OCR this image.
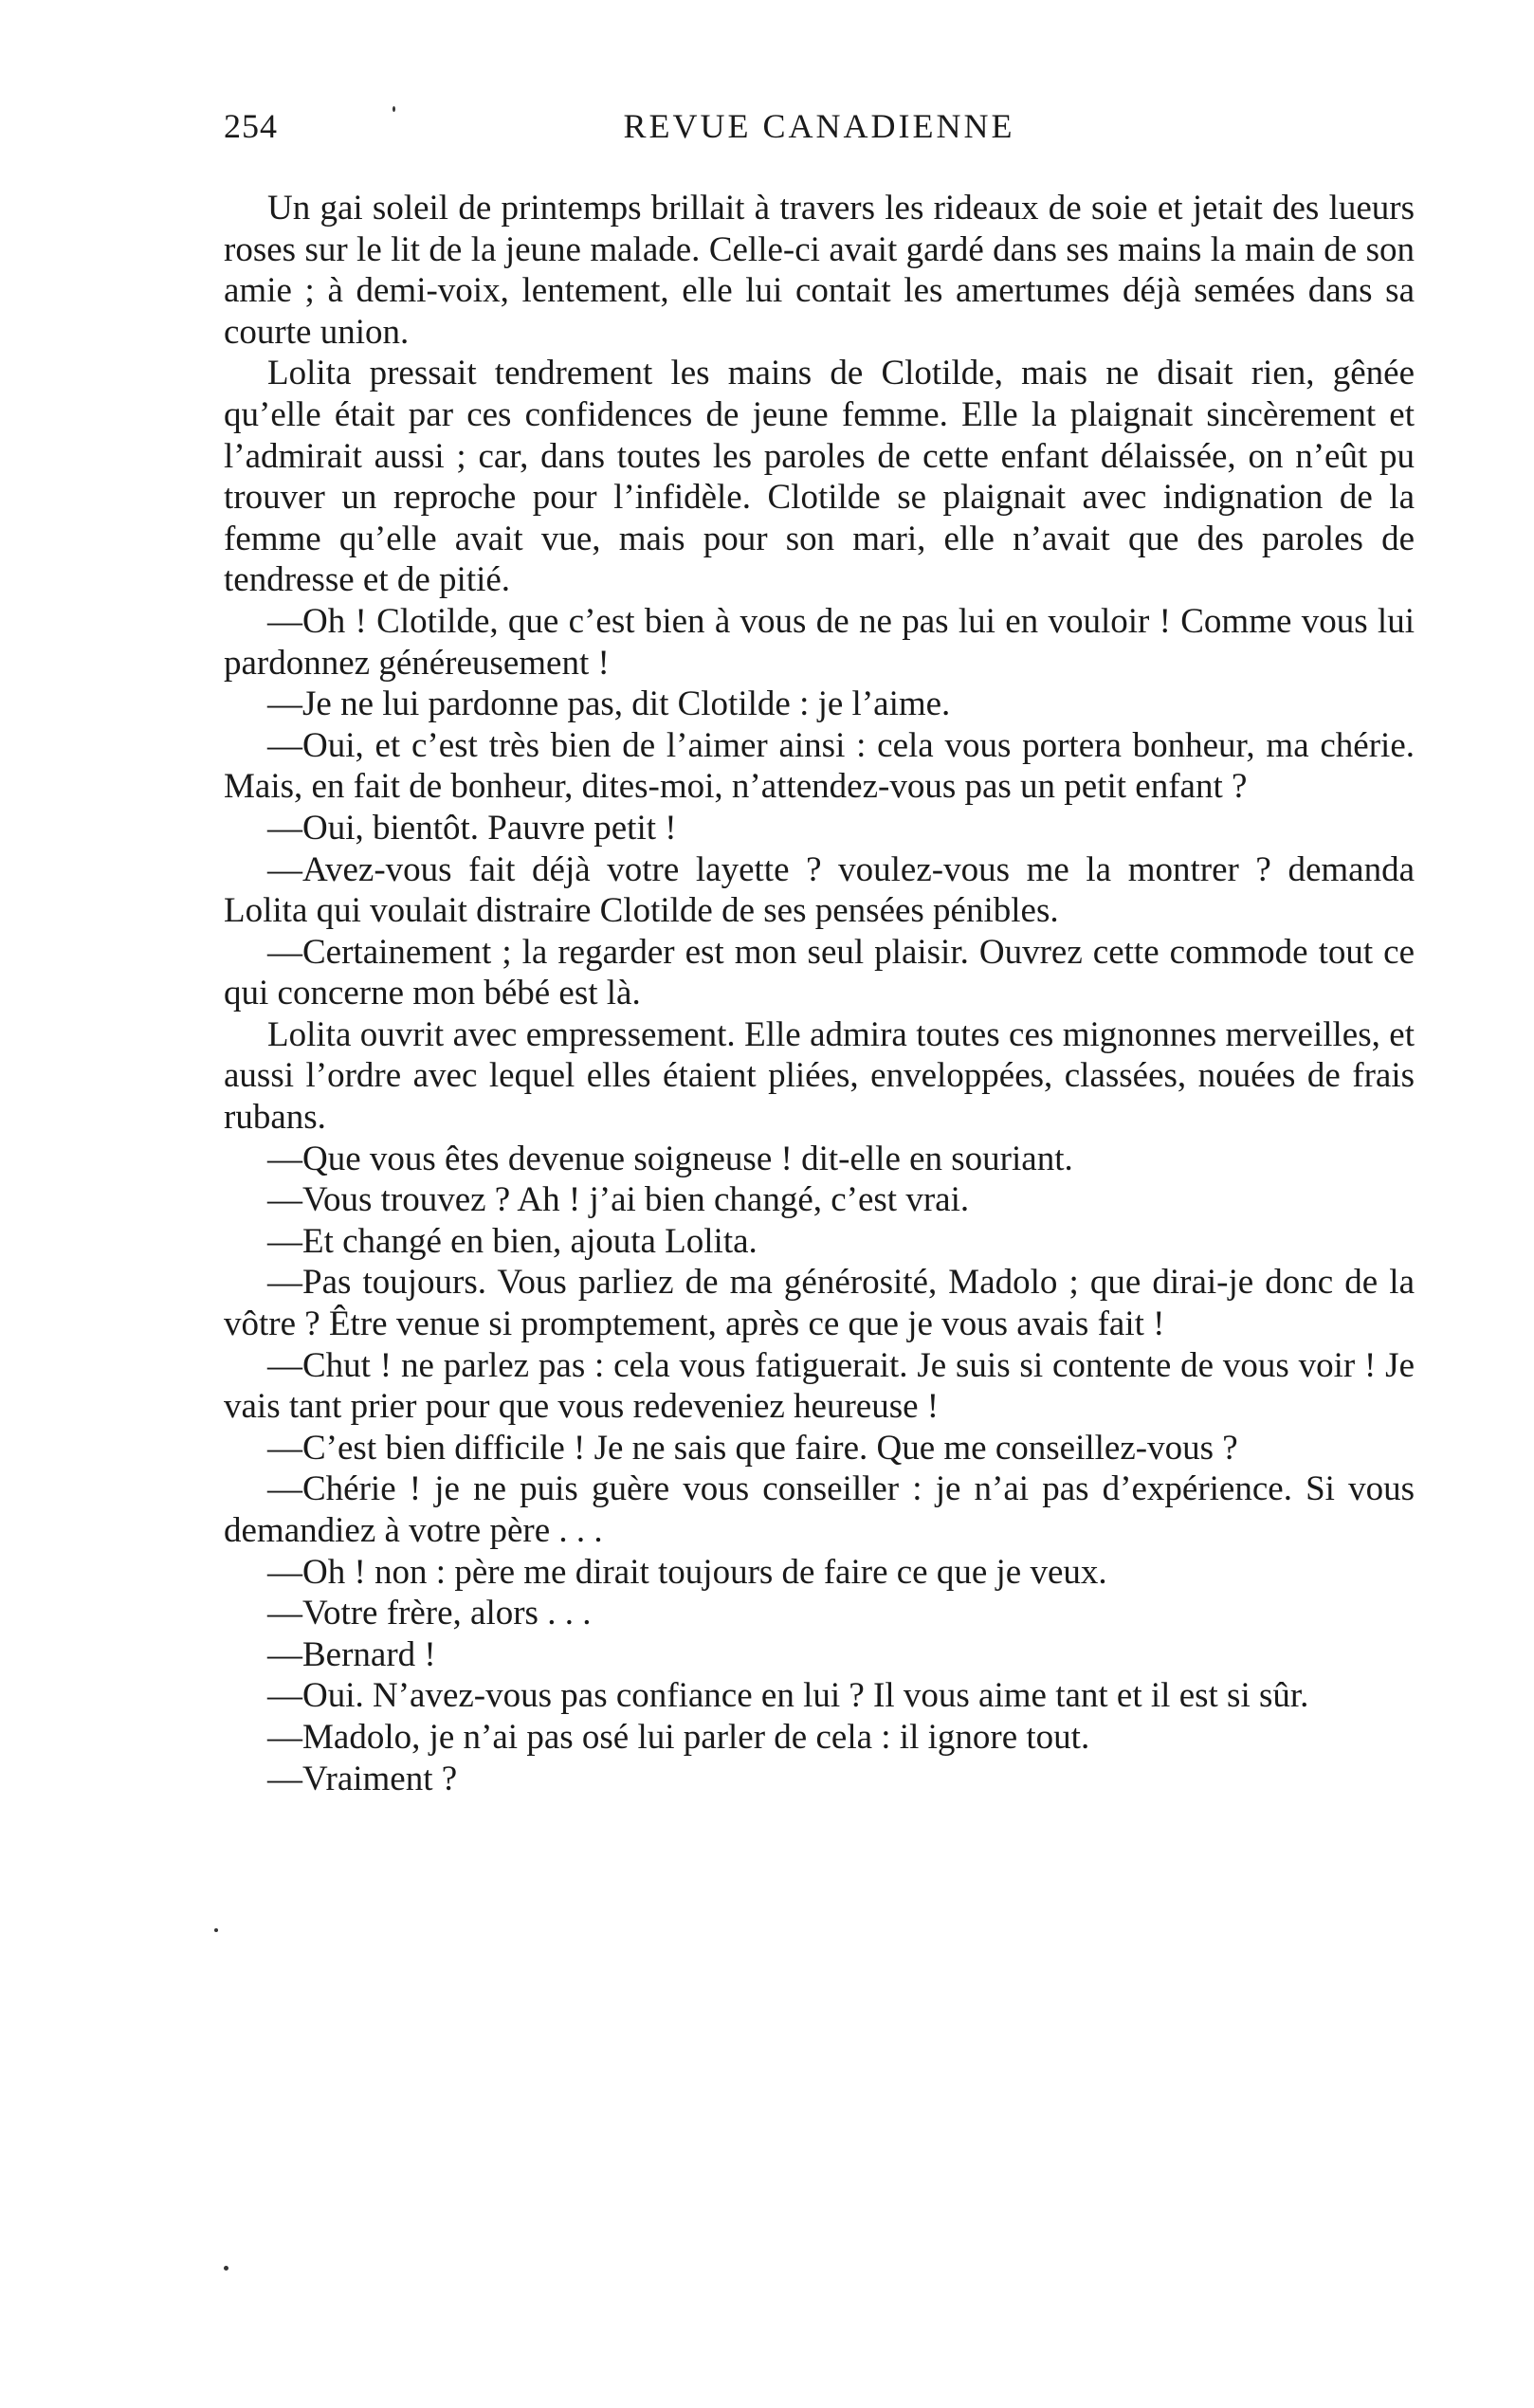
254	REVUE CANADIENNE

Un gai soleil de printemps brillait à travers les rideaux de soie et jetait des lueurs roses sur le lit de la jeune malade. Celle-ci avait gardé dans ses mains la main de son amie ; à demi-voix, lentement, elle lui contait les amertumes déjà semées dans sa courte union.

Lolita pressait tendrement les mains de Clotilde, mais ne disait rien, gênée qu’elle était par ces confidences de jeune femme. Elle la plaignait sincèrement et l’admirait aussi ; car, dans toutes les paroles de cette enfant délaissée, on n’eût pu trouver un reproche pour l’infidèle. Clotilde se plaignait avec indignation de la femme qu’elle avait vue, mais pour son mari, elle n’avait que des paroles de tendresse et de pitié.

—Oh ! Clotilde, que c’est bien à vous de ne pas lui en vouloir ! Comme vous lui pardonnez généreusement !

—Je ne lui pardonne pas, dit Clotilde : je l’aime.

—Oui, et c’est très bien de l’aimer ainsi : cela vous portera bonheur, ma chérie. Mais, en fait de bonheur, dites-moi, n’attendez-vous pas un petit enfant ?

—Oui, bientôt. Pauvre petit !

—Avez-vous fait déjà votre layette ? voulez-vous me la montrer ? demanda Lolita qui voulait distraire Clotilde de ses pensées pénibles.

—Certainement ; la regarder est mon seul plaisir. Ouvrez cette commode tout ce qui concerne mon bébé est là.

Lolita ouvrit avec empressement. Elle admira toutes ces mignonnes merveilles, et aussi l’ordre avec lequel elles étaient pliées, enveloppées, classées, nouées de frais rubans.

—Que vous êtes devenue soigneuse ! dit-elle en souriant.

—Vous trouvez ? Ah ! j’ai bien changé, c’est vrai.

—Et changé en bien, ajouta Lolita.

—Pas toujours. Vous parliez de ma générosité, Madolo ; que dirai-je donc de la vôtre ? Être venue si promptement, après ce que je vous avais fait !

—Chut ! ne parlez pas : cela vous fatiguerait. Je suis si contente de vous voir ! Je vais tant prier pour que vous redeveniez heureuse !

—C’est bien difficile ! Je ne sais que faire. Que me conseillez-vous ?

—Chérie ! je ne puis guère vous conseiller : je n’ai pas d’expérience. Si vous demandiez à votre père . . .

—Oh ! non : père me dirait toujours de faire ce que je veux.

—Votre frère, alors . . .

—Bernard !

—Oui. N’avez-vous pas confiance en lui ? Il vous aime tant et il est si sûr.

—Madolo, je n’ai pas osé lui parler de cela : il ignore tout.

—Vraiment ?
